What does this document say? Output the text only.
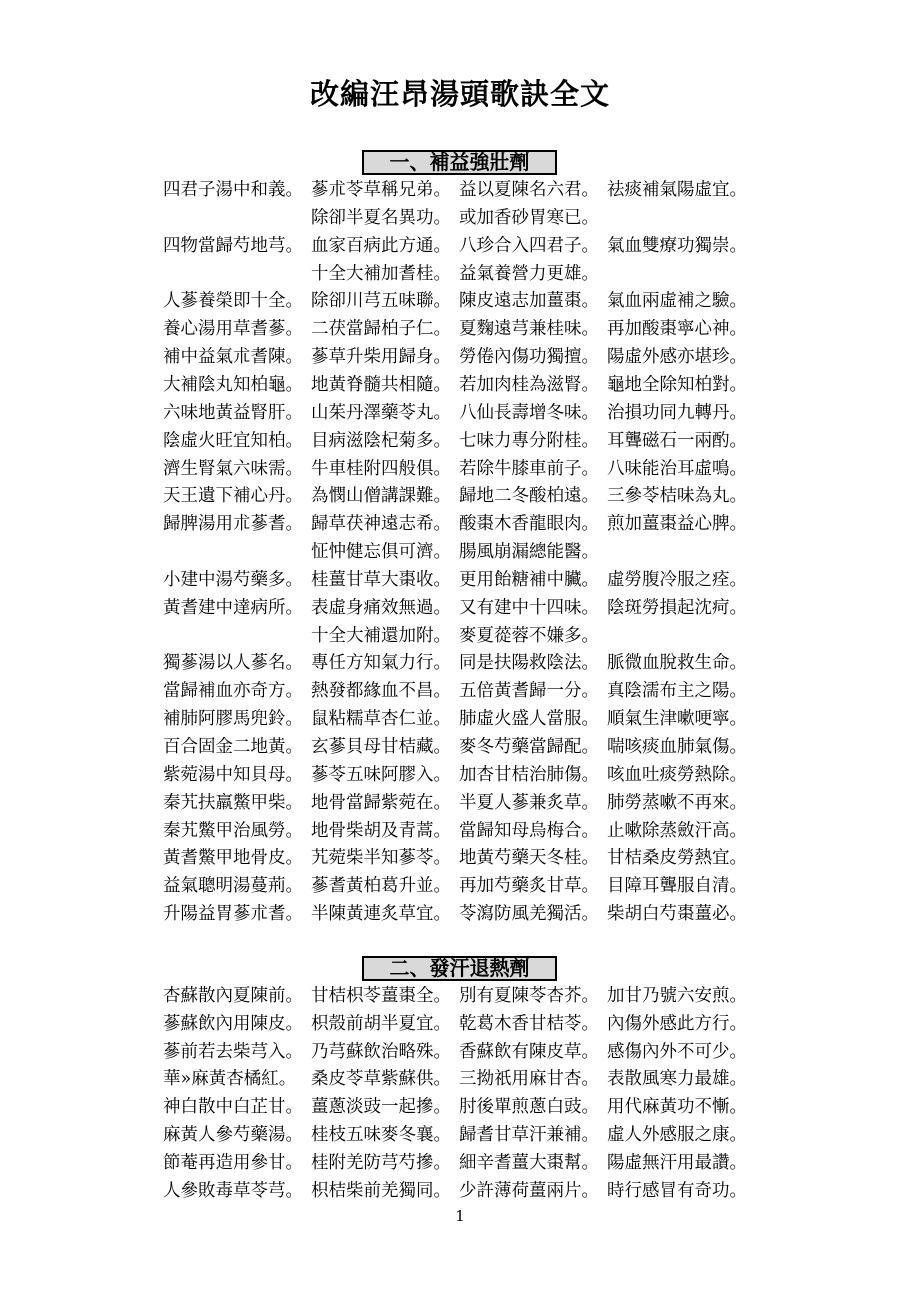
改編汪昂湯頭歌訣全文
一、補益強壯劑
四君子湯中和義。 蔘朮苓草稱兄弟。 益以夏陳名六君。 祛痰補氣陽虛宜。
除卻半夏名異功。 或加香砂胃寒已。
四物當歸芍地芎。 血家百病此方通。 八珍合入四君子。 氣血雙療功獨崇。
十全大補加耆桂。 益氣養營力更雄。
人蔘養榮即十全。 除卻川芎五味聯。 陳皮遠志加薑棗。 氣血兩虛補之驗。
養心湯用草耆蔘。 二茯當歸柏子仁。 夏麴遠芎兼桂味。 再加酸棗寧心神。
補中益氣朮耆陳。 蔘草升柴用歸身。 勞倦內傷功獨擅。 陽虛外感亦堪珍。
大補陰丸知柏龜。 地黃脊髓共相隨。 若加肉桂為滋腎。 龜地全除知柏對。
六味地黃益腎肝。 山茱丹澤藥苓丸。 八仙長壽增冬味。 治損功同九轉丹。
陰虛火旺宜知柏。 目病滋陰杞菊多。 七味力專分附桂。 耳聾磁石一兩酌。
濟生腎氣六味需。 牛車桂附四般俱。 若除牛膝車前子。 八味能治耳虛鳴。
天王遺下補心丹。 為憫山僧講課難。 歸地二冬酸柏遠。 三參苓桔味為丸。
歸脾湯用朮蔘耆。 歸草茯神遠志希。 酸棗木香龍眼肉。 煎加薑棗益心脾。
怔忡健忘俱可濟。 腸風崩漏總能醫。
小建中湯芍藥多。 桂薑甘草大棗收。 更用飴糖補中臟。 虛勞腹冷服之痊。
黃耆建中達病所。 表虛身痛效無過。 又有建中十四味。 陰斑勞損起沈疴。
十全大補還加附。 麥夏蓯蓉不嫌多。
獨蔘湯以人蔘名。 專任方知氣力行。 同是扶陽救陰法。 脈微血脫救生命。
當歸補血亦奇方。 熱發都緣血不昌。 五倍黃耆歸一分。 真陰濡布主之陽。
補肺阿膠馬兜鈴。 鼠粘糯草杏仁並。 肺虛火盛人當服。 順氣生津嗽哽寧。
百合固金二地黃。 玄蔘貝母甘桔藏。 麥冬芍藥當歸配。 喘咳痰血肺氣傷。
紫菀湯中知貝母。 蔘苓五味阿膠入。 加杏甘桔治肺傷。 咳血吐痰勞熱除。
秦艽扶羸鱉甲柴。 地骨當歸紫菀在。 半夏人蔘兼炙草。 肺勞蒸嗽不再來。
秦艽鱉甲治風勞。 地骨柴胡及青蒿。 當歸知母烏梅合。 止嗽除蒸斂汗高。
黃耆鱉甲地骨皮。 艽菀柴半知蔘苓。 地黃芍藥天冬桂。 甘桔桑皮勞熱宜。
益氣聰明湯蔓荊。 蔘耆黃柏葛升並。 再加芍藥炙甘草。 目障耳聾服自清。
升陽益胃蔘朮耆。 半陳黃連炙草宜。 苓瀉防風羌獨活。 柴胡白芍棗薑必。
二、發汗退熱劑
杏蘇散內夏陳前。 甘桔枳苓薑棗全。 別有夏陳苓杏芥。 加甘乃號六安煎。
蔘蘇飲內用陳皮。 枳殼前胡半夏宜。 乾葛木香甘桔苓。 內傷外感此方行。
蔘前若去柴芎入。 乃芎蘇飲治略殊。 香蘇飲有陳皮草。 感傷內外不可少。
華»麻黃杏橘紅。 桑皮苓草紫蘇供。 三拗祇用麻甘杏。 表散風寒力最雄。
神白散中白芷甘。 薑蔥淡豉一起摻。 肘後單煎蔥白豉。 用代麻黃功不慚。
麻黃人參芍藥湯。 桂枝五味麥冬襄。 歸耆甘草汗兼補。 虛人外感服之康。
節菴再造用參甘。 桂附羌防芎芍摻。 細辛耆薑大棗幫。 陽虛無汗用最讚。
人參敗毒草苓芎。 枳桔柴前羌獨同。 少許薄荷薑兩片。 時行感冒有奇功。
1
